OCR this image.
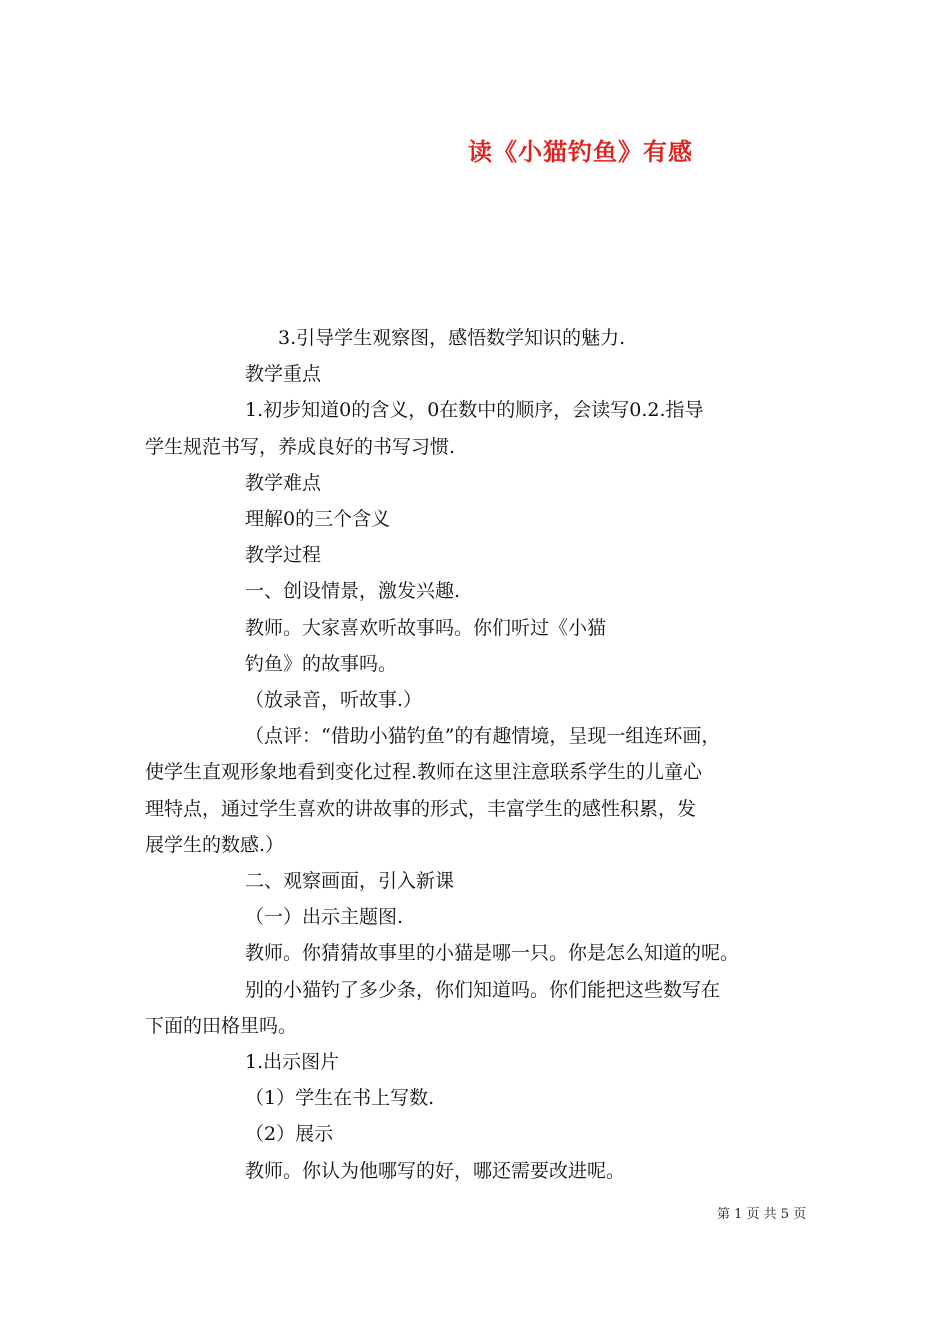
读《小猫钓鱼》有感

3.引导学生观察图，感悟数学知识的魅力.

教学重点

1.初步知道0的含义，0在数中的顺序，会读写0.2.指导

学生规范书写，养成良好的书写习惯.

教学难点

理解0的三个含义

教学过程

一、创设情景，激发兴趣.

教师。大家喜欢听故事吗。你们听过《小猫

钓鱼》的故事吗。

（放录音，听故事.）

（点评：“借助小猫钓鱼”的有趣情境，呈现一组连环画，

使学生直观形象地看到变化过程.教师在这里注意联系学生的儿童心

理特点，通过学生喜欢的讲故事的形式，丰富学生的感性积累，发

展学生的数感.）

二、观察画面，引入新课

（一）出示主题图.

教师。你猜猜故事里的小猫是哪一只。你是怎么知道的呢。

别的小猫钓了多少条，你们知道吗。你们能把这些数写在

下面的田格里吗。

1.出示图片

（1）学生在书上写数.

（2）展示

教师。你认为他哪写的好，哪还需要改进呢。

第 1 页 共 5 页
